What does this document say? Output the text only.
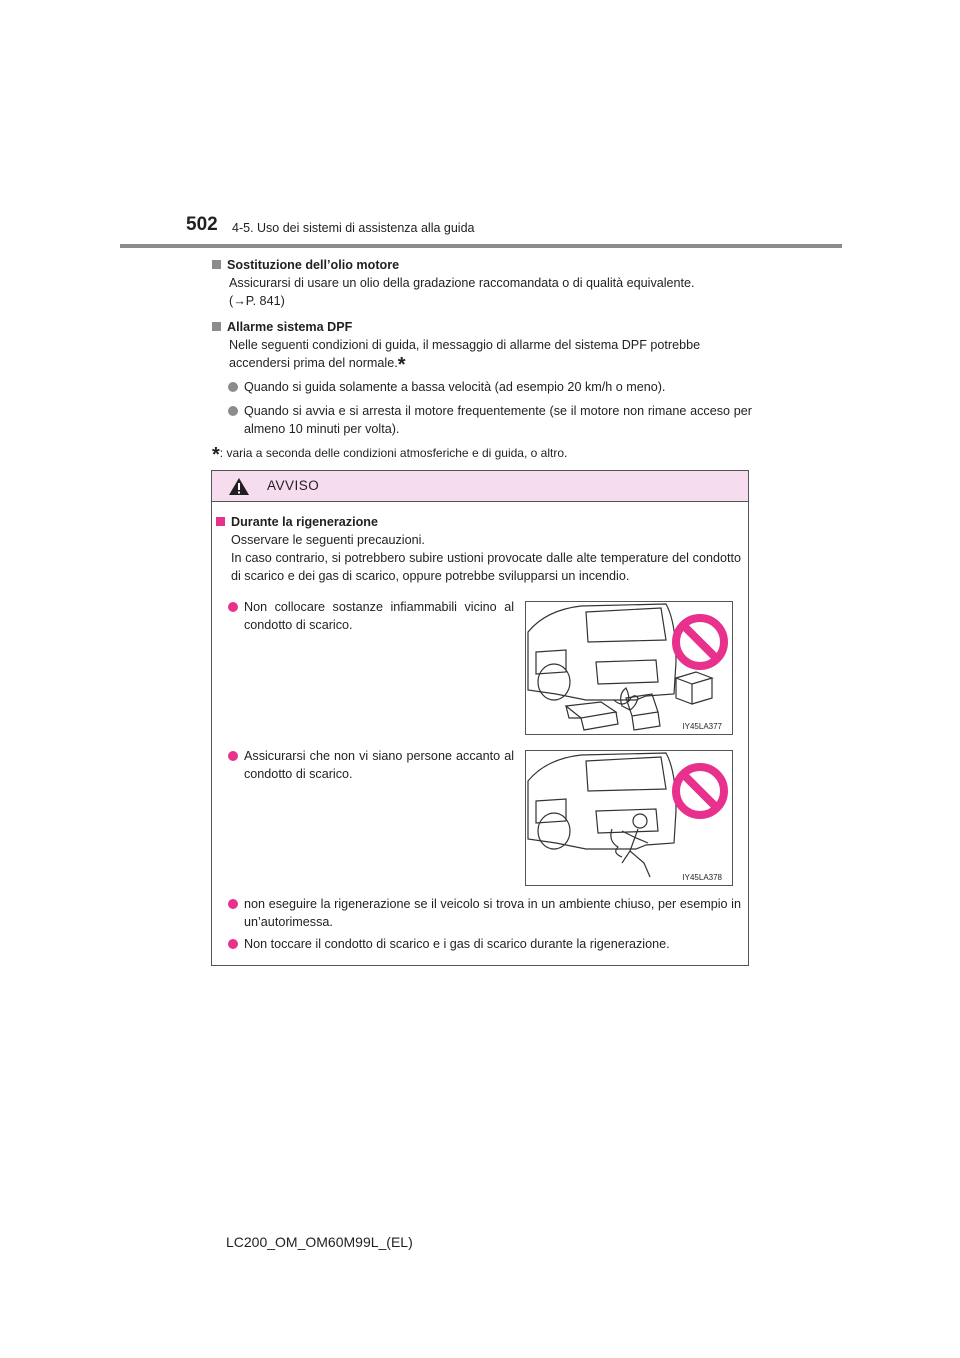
502 4-5. Uso dei sistemi di assistenza alla guida
Sostituzione dell’olio motore
Assicurarsi di usare un olio della gradazione raccomandata o di qualità equivalente.
(→P. 841)
Allarme sistema DPF
Nelle seguenti condizioni di guida, il messaggio di allarme del sistema DPF potrebbe
accendersi prima del normale.*
Quando si guida solamente a bassa velocità (ad esempio 20 km/h o meno).
Quando si avvia e si arresta il motore frequentemente (se il motore non rimane acceso per almeno 10 minuti per volta).
*: varia a seconda delle condizioni atmosferiche e di guida, o altro.
AVVISO
Durante la rigenerazione
Osservare le seguenti precauzioni.
In caso contrario, si potrebbero subire ustioni provocate dalle alte temperature del condotto di scarico e dei gas di scarico, oppure potrebbe svilupparsi un incendio.
Non collocare sostanze infiammabili vicino al condotto di scarico.
IY45LA377
Assicurarsi che non vi siano persone accanto al condotto di scarico.
IY45LA378
non eseguire la rigenerazione se il veicolo si trova in un ambiente chiuso, per esempio in un’autorimessa.
Non toccare il condotto di scarico e i gas di scarico durante la rigenerazione.
LC200_OM_OM60M99L_(EL)
